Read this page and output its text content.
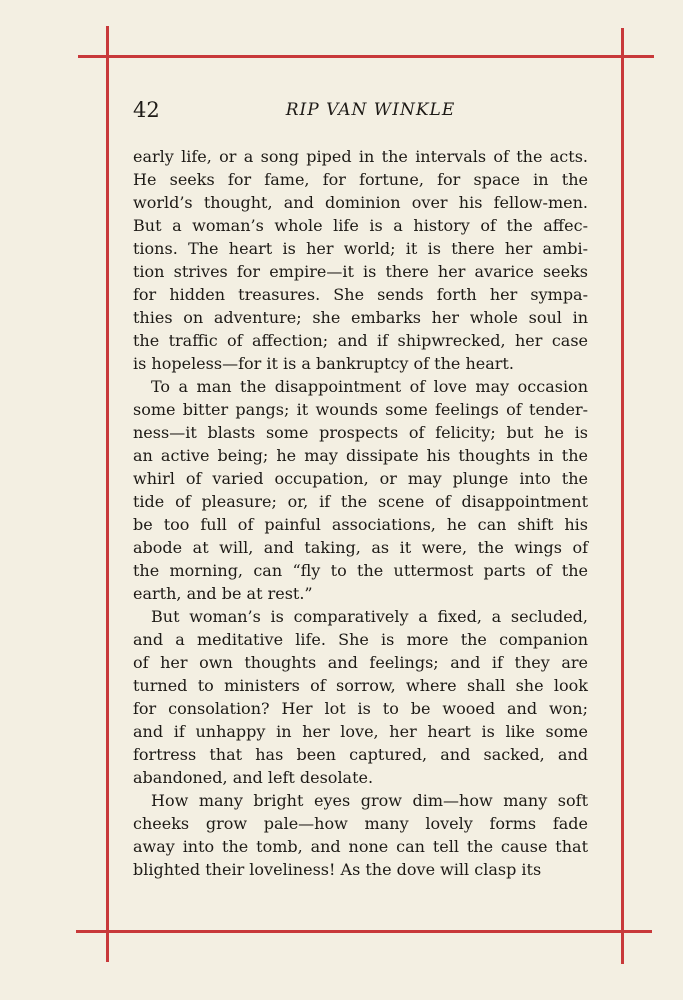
42	RIP VAN WINKLE
early life, or a song piped in the intervals of the acts.
He seeks for fame, for fortune, for space in the
world’s thought, and dominion over his fellow-men.
But a woman’s whole life is a history of the affec-
tions. The heart is her world; it is there her ambi-
tion strives for empire—it is there her avarice seeks
for hidden treasures. She sends forth her sympa-
thies on adventure; she embarks her whole soul in
the traffic of affection; and if shipwrecked, her case
is hopeless—for it is a bankruptcy of the heart.
To a man the disappointment of love may occasion
some bitter pangs; it wounds some feelings of tender-
ness—it blasts some prospects of felicity; but he is
an active being; he may dissipate his thoughts in the
whirl of varied occupation, or may plunge into the
tide of pleasure; or, if the scene of disappointment
be too full of painful associations, he can shift his
abode at will, and taking, as it were, the wings of
the morning, can “fly to the uttermost parts of the
earth, and be at rest.”
But woman’s is comparatively a fixed, a secluded,
and a meditative life. She is more the companion
of her own thoughts and feelings; and if they are
turned to ministers of sorrow, where shall she look
for consolation? Her lot is to be wooed and won;
and if unhappy in her love, her heart is like some
fortress that has been captured, and sacked, and
abandoned, and left desolate.
How many bright eyes grow dim—how many soft
cheeks grow pale—how many lovely forms fade
away into the tomb, and none can tell the cause that
blighted their loveliness! As the dove will clasp its
